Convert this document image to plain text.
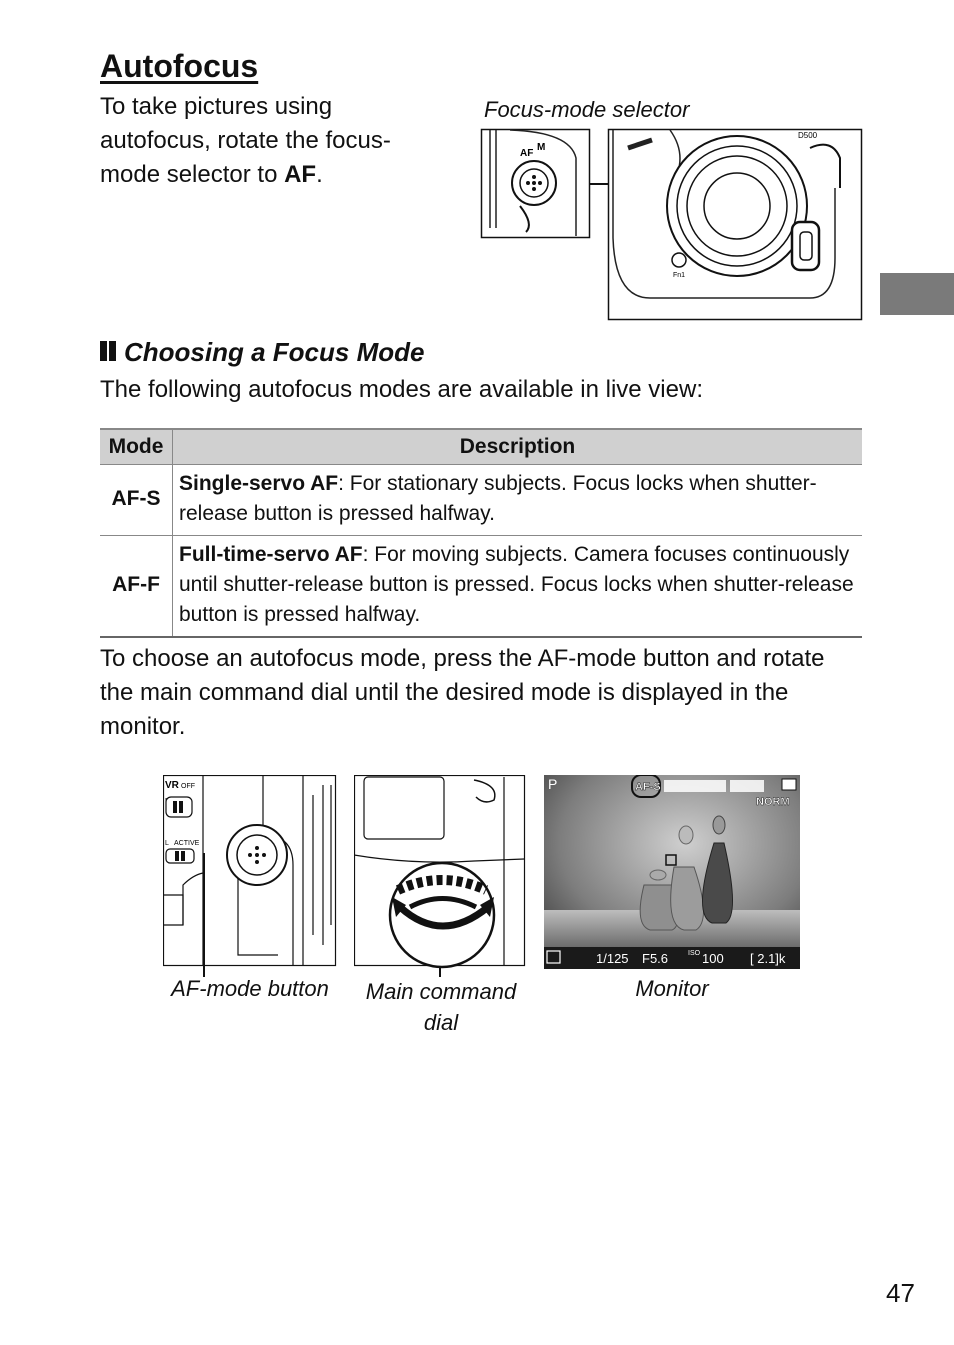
Autofocus
To take pictures using autofocus, rotate the focus-mode selector to AF.
Focus-mode selector
AF
M
D500
Fn1
Choosing a Focus Mode
The following autofocus modes are available in live view:
Mode	Description
AF-S	Single-servo AF: For stationary subjects. Focus locks when shutter-release button is pressed halfway.
AF-F	Full-time-servo AF: For moving subjects. Camera focuses continuously until shutter-release button is pressed. Focus locks when shutter-release button is pressed halfway.
To choose an autofocus mode, press the AF-mode button and rotate the main command dial until the desired mode is displayed in the monitor.
VR OFF
L ACTIVE
AF-mode button	Main command
dial
P	AF-S
NORM
1/125 F5.6	ISO 100 [ 2.1]k
Monitor
47
